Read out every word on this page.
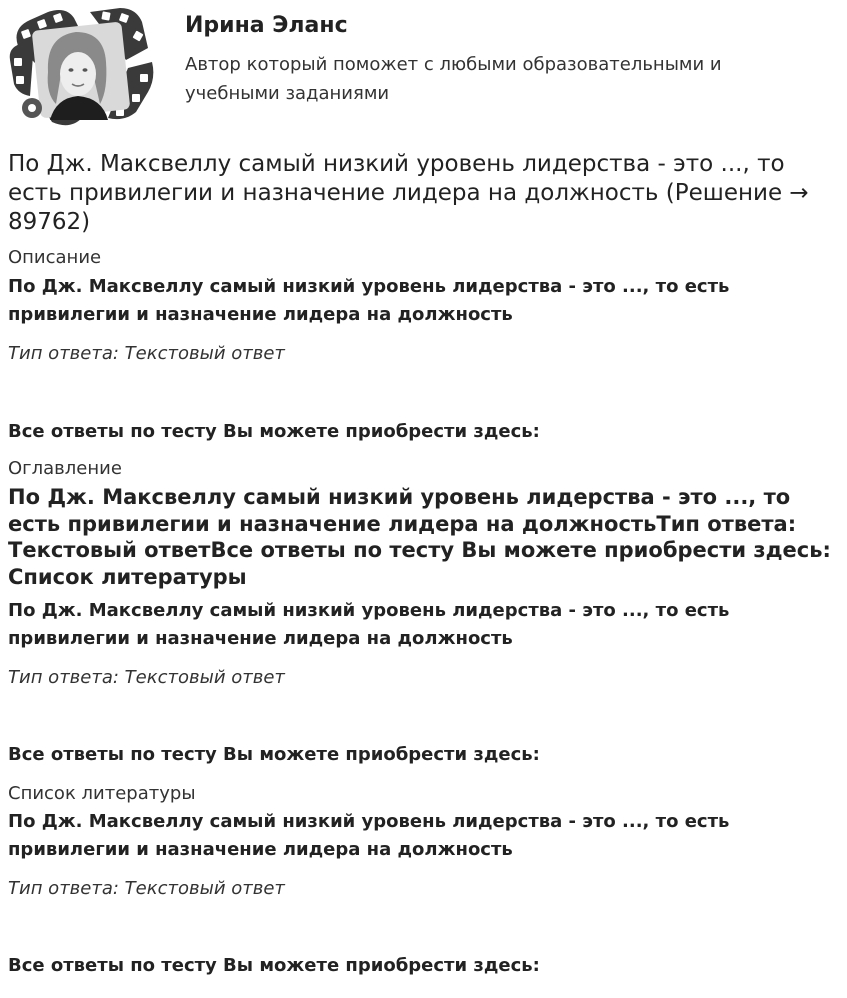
Ирина Эланс
Автор который поможет с любыми образовательными и учебными заданиями
По Дж. Максвеллу самый низкий уровень лидерства - это ..., то есть привилегии и назначение лидера на должность (Решение → 89762)
Описание
По Дж. Максвеллу самый низкий уровень лидерства - это ..., то есть привилегии и назначение лидера на должность
Тип ответа: Текстовый ответ
Все ответы по тесту Вы можете приобрести здесь:
Оглавление
По Дж. Максвеллу самый низкий уровень лидерства - это ..., то есть привилегии и назначение лидера на должностьТип ответа: Текстовый ответВсе ответы по тесту Вы можете приобрести здесь: Список литературы
По Дж. Максвеллу самый низкий уровень лидерства - это ..., то есть привилегии и назначение лидера на должность
Тип ответа: Текстовый ответ
Все ответы по тесту Вы можете приобрести здесь:
Список литературы
По Дж. Максвеллу самый низкий уровень лидерства - это ..., то есть привилегии и назначение лидера на должность
Тип ответа: Текстовый ответ
Все ответы по тесту Вы можете приобрести здесь:
